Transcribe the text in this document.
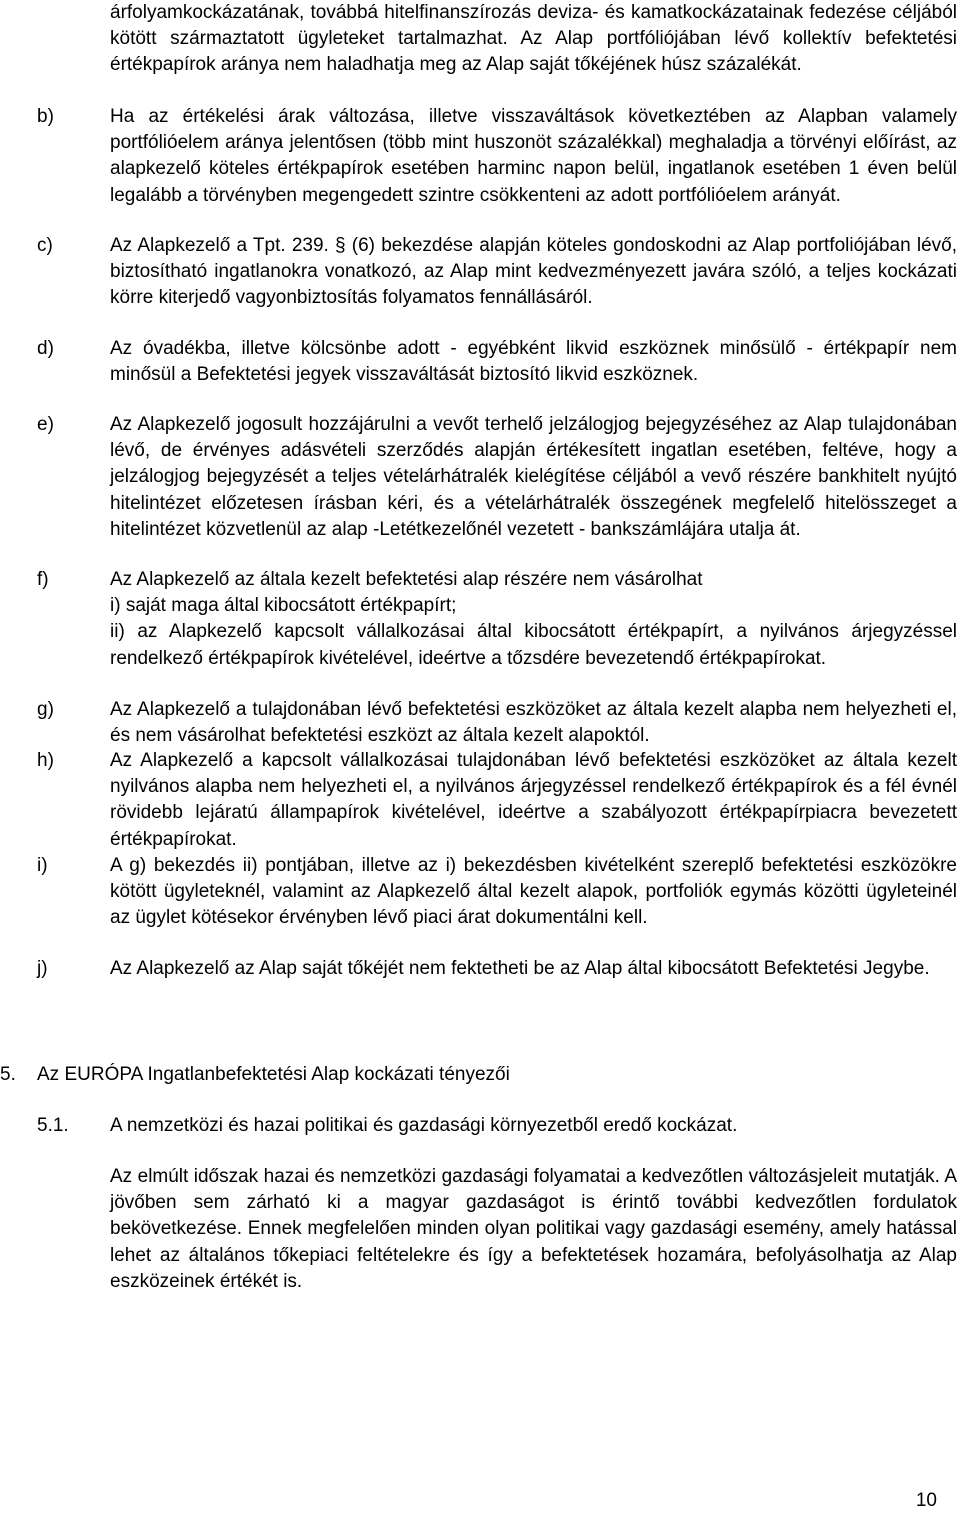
árfolyamkockázatának, továbbá hitelfinanszírozás deviza- és kamatkockázatainak fedezése céljából kötött származtatott ügyleteket tartalmazhat. Az Alap portfóliójában lévő kollektív befektetési értékpapírok aránya nem haladhatja meg az Alap saját tőkéjének húsz százalékát.

b)	Ha az értékelési árak változása, illetve visszaváltások következtében az Alapban valamely portfólióelem aránya jelentősen (több mint huszonöt százalékkal) meghaladja a törvényi előírást, az alapkezelő köteles értékpapírok esetében harminc napon belül, ingatlanok esetében 1 éven belül legalább a törvényben megengedett szintre csökkenteni az adott portfólióelem arányát.

c)	Az Alapkezelő a Tpt. 239. § (6) bekezdése alapján köteles gondoskodni az Alap portfoliójában lévő, biztosítható ingatlanokra vonatkozó, az Alap mint kedvezményezett javára szóló, a teljes kockázati körre kiterjedő vagyonbiztosítás folyamatos fennállásáról.

d)	Az óvadékba, illetve kölcsönbe adott - egyébként likvid eszköznek minősülő - értékpapír nem minősül a Befektetési jegyek visszaváltását biztosító likvid eszköznek.

e)	Az Alapkezelő jogosult hozzájárulni a vevőt terhelő jelzálogjog bejegyzéséhez az Alap tulajdonában lévő, de érvényes adásvételi szerződés alapján értékesített ingatlan esetében, feltéve, hogy a jelzálogjog bejegyzését a teljes vételárhátralék kielégítése céljából a vevő részére bankhitelt nyújtó hitelintézet előzetesen írásban kéri, és a vételárhátralék összegének megfelelő hitelösszeget a hitelintézet közvetlenül az alap -Letétkezelőnél vezetett - bankszámlájára utalja át.

f)	Az Alapkezelő az általa kezelt befektetési alap részére nem vásárolhat
i) saját maga által kibocsátott értékpapírt;
ii) az Alapkezelő kapcsolt vállalkozásai által kibocsátott értékpapírt, a nyilvános árjegyzéssel rendelkező értékpapírok kivételével, ideértve a tőzsdére bevezetendő értékpapírokat.
g)	Az Alapkezelő a tulajdonában lévő befektetési eszközöket az általa kezelt alapba nem helyezheti el, és nem vásárolhat befektetési eszközt az általa kezelt alapoktól.

h)	Az Alapkezelő a kapcsolt vállalkozásai tulajdonában lévő befektetési eszközöket az általa kezelt nyilvános alapba nem helyezheti el, a nyilvános árjegyzéssel rendelkező értékpapírok és a fél évnél rövidebb lejáratú állampapírok kivételével, ideértve a szabályozott értékpapírpiacra bevezetett értékpapírokat.

i)	A g) bekezdés ii) pontjában, illetve az i) bekezdésben kivételként szereplő befektetési eszközökre kötött ügyleteknél, valamint az Alapkezelő által kezelt alapok, portfoliók egymás közötti ügyleteinél az ügylet kötésekor érvényben lévő piaci árat dokumentálni kell.

j)	Az Alapkezelő az Alap saját tőkéjét nem fektetheti be az Alap által kibocsátott Befektetési Jegybe.

5. Az EURÓPA Ingatlanbefektetési Alap kockázati tényezői
5.1. A nemzetközi és hazai politikai és gazdasági környezetből eredő kockázat.

Az elmúlt időszak hazai és nemzetközi gazdasági folyamatai a kedvezőtlen változásjeleit mutatják. A jövőben sem zárható ki a magyar gazdaságot is érintő további kedvezőtlen fordulatok bekövetkezése. Ennek megfelelően minden olyan politikai vagy gazdasági esemény, amely hatással lehet az általános tőkepiaci feltételekre és így a befektetések hozamára, befolyásolhatja az Alap eszközeinek értékét is.

10
